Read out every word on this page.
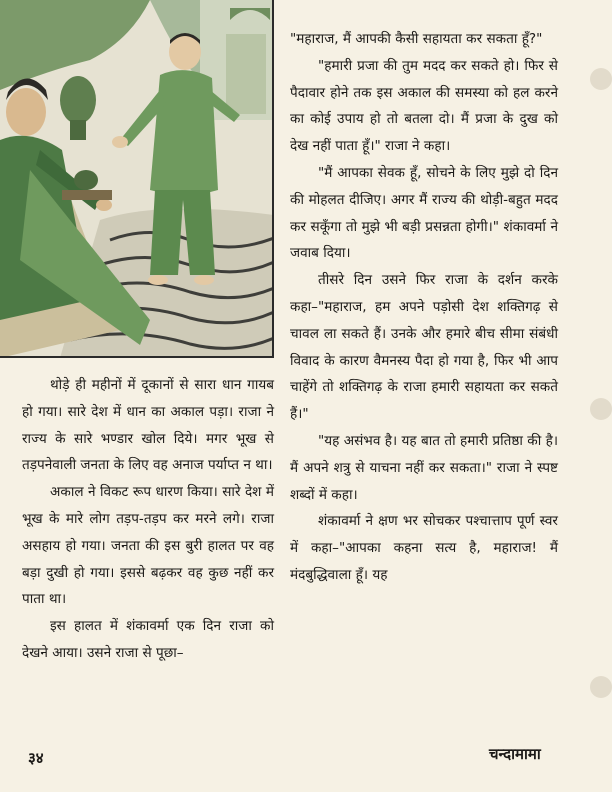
थोड़े ही महीनों में दूकानों से सारा धान गायब हो गया। सारे देश में धान का अकाल पड़ा। राजा ने राज्य के सारे भण्डार खोल दिये। मगर भूख से तड़पनेवाली जनता के लिए वह अनाज पर्याप्त न था।

अकाल ने विकट रूप धारण किया। सारे देश में भूख के मारे लोग तड़प-तड़प कर मरने लगे। राजा असहाय हो गया। जनता की इस बुरी हालत पर वह बड़ा दुखी हो गया। इससे बढ़कर वह कुछ नहीं कर पाता था।

इस हालत में शंकावर्मा एक दिन राजा को देखने आया। उसने राजा से पूछा–

"महाराज, मैं आपकी कैसी सहायता कर सकता हूँ?"

"हमारी प्रजा की तुम मदद कर सकते हो। फिर से पैदावार होने तक इस अकाल की समस्या को हल करने का कोई उपाय हो तो बतला दो। मैं प्रजा के दुख को देख नहीं पाता हूँ।" राजा ने कहा।

"मैं आपका सेवक हूँ, सोचने के लिए मुझे दो दिन की मोहलत दीजिए। अगर मैं राज्य की थोड़ी-बहुत मदद कर सकूँगा तो मुझे भी बड़ी प्रसन्नता होगी।" शंकावर्मा ने जवाब दिया।

तीसरे दिन उसने फिर राजा के दर्शन करके कहा–"महाराज, हम अपने पड़ोसी देश शक्तिगढ़ से चावल ला सकते हैं। उनके और हमारे बीच सीमा संबंधी विवाद के कारण वैमनस्य पैदा हो गया है, फिर भी आप चाहेंगे तो शक्तिगढ़ के राजा हमारी सहायता कर सकते हैं।"

"यह असंभव है। यह बात तो हमारी प्रतिष्ठा की है। मैं अपने शत्रु से याचना नहीं कर सकता।" राजा ने स्पष्ट शब्दों में कहा।

शंकावर्मा ने क्षण भर सोचकर पश्चात्ताप पूर्ण स्वर में कहा–"आपका कहना सत्य है, महाराज! मैं मंदबुद्धिवाला हूँ। यह

३४	चन्दामामा
